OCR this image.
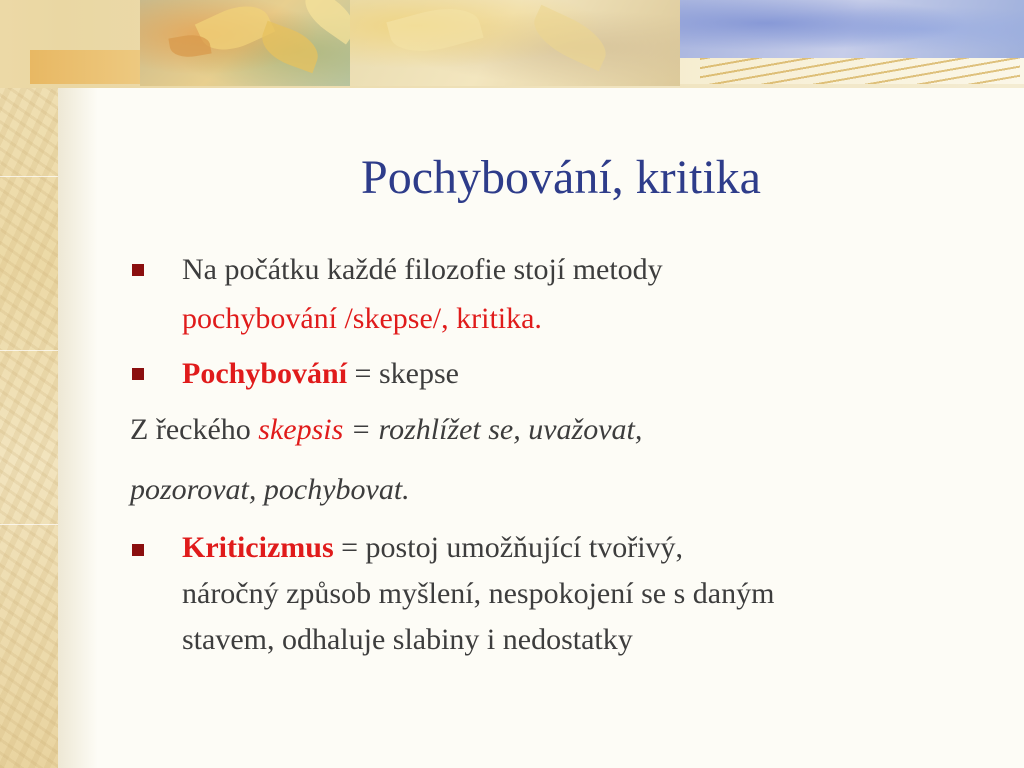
Pochybování, kritika
Na počátku každé filozofie stojí metody
pochybování /skepse/, kritika.
Pochybování = skepse
Z řeckého skepsis = rozhlížet se, uvažovat,
pozorovat, pochybovat.
Kriticizmus = postoj umožňující tvořivý,
náročný způsob myšlení, nespokojení se s daným
stavem, odhaluje slabiny i nedostatky
